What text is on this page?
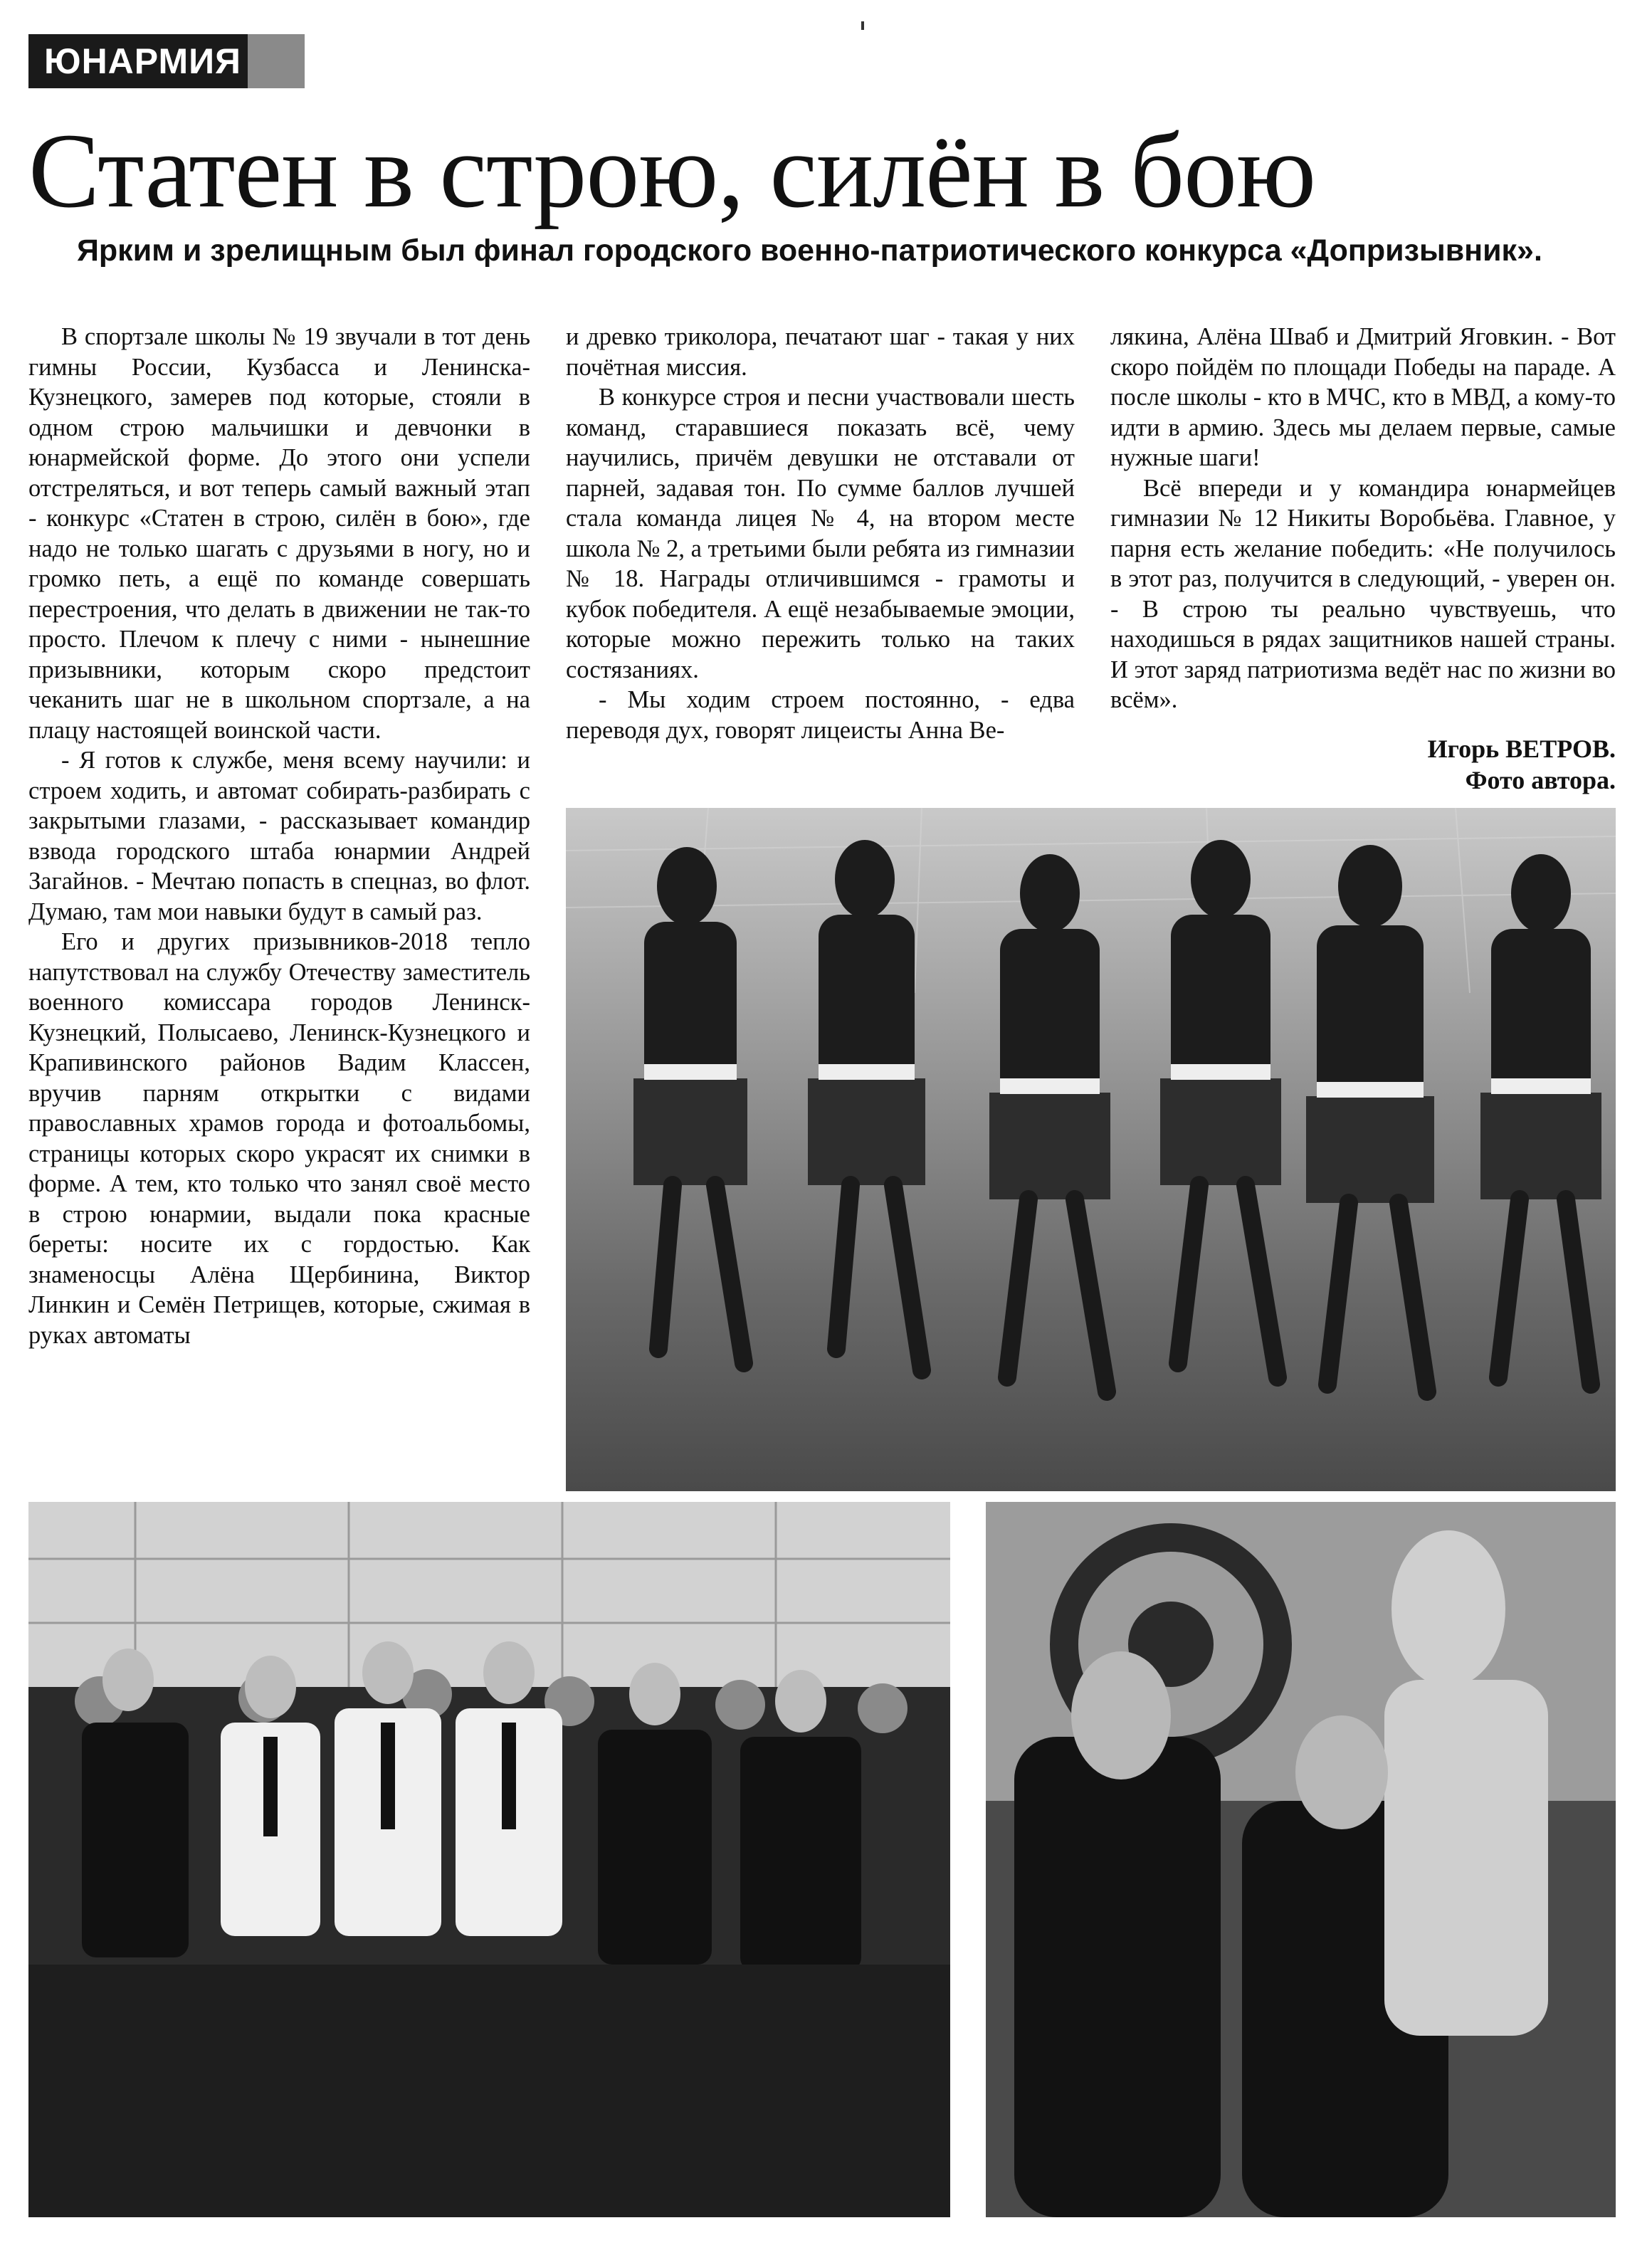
ЮНАРМИЯ
Статен в строю, силён в бою
Ярким и зрелищным был финал городского военно-патриотического конкурса «Допризывник».

В спортзале школы № 19 звучали в тот день гимны России, Кузбасса и Ленинска-Кузнецкого, замерев под которые, стояли в одном строю мальчишки и девчонки в юнармейской форме. До этого они успели отстреляться, и вот теперь самый важный этап - конкурс «Статен в строю, силён в бою», где надо не только шагать с друзьями в ногу, но и громко петь, а ещё по команде совершать перестроения, что делать в движении не так-то просто. Плечом к плечу с ними - нынешние призывники, которым скоро предстоит чеканить шаг не в школьном спортзале, а на плацу настоящей воинской части.

- Я готов к службе, меня всему научили: и строем ходить, и автомат собирать-разбирать с закрытыми глазами, - рассказывает командир взвода городского штаба юнармии Андрей Загайнов. - Мечтаю попасть в спецназ, во флот. Думаю, там мои навыки будут в самый раз.

Его и других призывников-2018 тепло напутствовал на службу Отечеству заместитель военного комиссара городов Ленинск-Кузнецкий, Полысаево, Ленинск-Кузнецкого и Крапивинского районов Вадим Классен, вручив парням открытки с видами православных храмов города и фотоальбомы, страницы которых скоро украсят их снимки в форме. А тем, кто только что занял своё место в строю юнармии, выдали пока красные береты: носите их с гордостью. Как знаменосцы Алёна Щербинина, Виктор Линкин и Семён Петрищев, которые, сжимая в руках автоматы

и древко триколора, печатают шаг - такая у них почётная миссия.

В конкурсе строя и песни участвовали шесть команд, старавшиеся показать всё, чему научились, причём девушки не отставали от парней, задавая тон. По сумме баллов лучшей стала команда лицея № 4, на втором месте школа № 2, а третьими были ребята из гимназии № 18. Награды отличившимся - грамоты и кубок победителя. А ещё незабываемые эмоции, которые можно пережить только на таких состязаниях.

- Мы ходим строем постоянно, - едва переводя дух, говорят лицеисты Анна Ве-

лякина, Алёна Шваб и Дмитрий Яговкин. - Вот скоро пойдём по площади Победы на параде. А после школы - кто в МЧС, кто в МВД, а кому-то идти в армию. Здесь мы делаем первые, самые нужные шаги!

Всё впереди и у командира юнармейцев гимназии № 12 Никиты Воробьёва. Главное, у парня есть желание победить: «Не получилось в этот раз, получится в следующий, - уверен он. - В строю ты реально чувствуешь, что находишься в рядах защитников нашей страны. И этот заряд патриотизма ведёт нас по жизни во всём».

Игорь ВЕТРОВ.
Фото автора.
